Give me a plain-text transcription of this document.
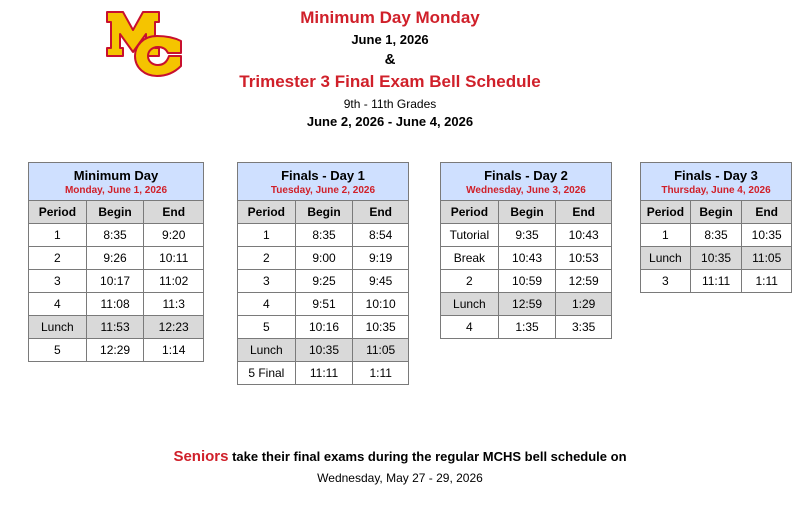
Minimum Day Monday
June 1, 2026
&
Trimester 3 Final Exam Bell Schedule
9th - 11th Grades
June 2, 2026 - June 4, 2026
Minimum Day
Monday, June 1, 2026		

Period	Begin	End
1	8:35	9:20
2	9:26	10:11
3	10:17	11:02
4	11:08	11:3
Lunch	11:53	12:23
5	12:29	1:14
Finals - Day 1
Tuesday, June 2, 2026		

Period	Begin	End
1	8:35	8:54
2	9:00	9:19
3	9:25	9:45
4	9:51	10:10
5	10:16	10:35
Lunch	10:35	11:05
5 Final	11:11	1:11
Finals - Day 2
Wednesday, June 3, 2026		

Period	Begin	End
Tutorial	9:35	10:43
Break	10:43	10:53
2	10:59	12:59
Lunch	12:59	1:29
4	1:35	3:35
Finals - Day 3
Thursday, June 4, 2026		

Period	Begin	End
1	8:35	10:35
Lunch	10:35	11:05
3	11:11	1:11
Seniors take their final exams during the regular MCHS bell schedule on
Wednesday, May 27 - 29, 2026
